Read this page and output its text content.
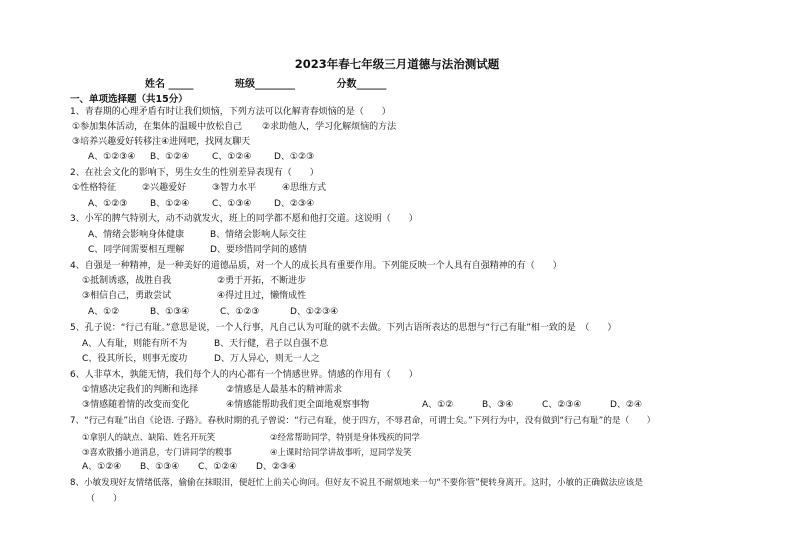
2023年春七年级三月道德与法治测试题
姓名 _____	班级________	分数______
一、单项选择题（共15分）
1、青春期的心理矛盾有时让我们烦恼，下列方法可以化解青春烦恼的是（　　）
①参加集体活动，在集体的温暖中放松自己 ②求助他人，学习化解烦恼的方法
③培养兴趣爱好转移注④进网吧，找网友聊天
A、①②③④ B、①②④	C、①②④	D、①②③
2、在社会文化的影响下，男生女生的性别差异表现有（　　）
①性格特征	②兴趣爱好	③智力水平	④思维方式
A、①②③	B、①②④	C、①③④	D、②③④
3、小军的脾气特别大，动不动就发火，班上的同学都不愿和他打交道。这说明（　　）
A、情绪会影响身体健康	B、情绪会影响人际交往
C、同学间需要相互理解	D、要珍惜同学间的感情
4、自强是一种精神，是一种美好的道德品质，对一个人的成长具有重要作用。下列能反映一个人具有自强精神的有（　　）
①抵制诱惑，战胜自我	②勇于开拓，不断进步
③相信自己，勇敢尝试	④得过且过，懒惰成性
A、①②	B、①③④	C、①②③	D、①②③④
5、孔子说：“行己有耻。”意思是说，一个人行事，凡自己认为可耻的就不去做。下列古语所表达的思想与“行己有耻”相一致的是　（　　）
A、人有耻，则能有所不为	B、天行健，君子以自强不息
C、役其所长，则事无废功	D、万人异心，则无一人之
6、人非草木，孰能无情，我们每个人的内心都有一个情感世界。情感的作用有（　　）
①情感决定我们的判断和选择	②情感是人最基本的精神需求
③情感随着情的改变而变化	④情感能帮助我们更全面地观察事物	A、①②	B、③④	C、②③④	D、②④
7、“行己有耻”出自《论语. 子路》。春秋时期的孔子曾说：“行己有耻，使于四方，不辱君命，可谓士矣。”下列行为中，没有做到“行己有耻”的是（　　）
①拿别人的缺点、缺陷、姓名开玩笑	②经常帮助同学，特别是身体残疾的同学
③喜欢散播小道消息，专门讲同学的糗事	④上课时给同学讲故事听，逗同学发笑
A、①②④ B、①③④ C、①②④ D、②③④
8、小敏发现好友情绪低落，偷偷在抹眼泪，便赶忙上前关心询问。但好友不说且不耐烦地来一句“不要你管”便转身离开。这时，小敏的正确做法应该是
（　　）
